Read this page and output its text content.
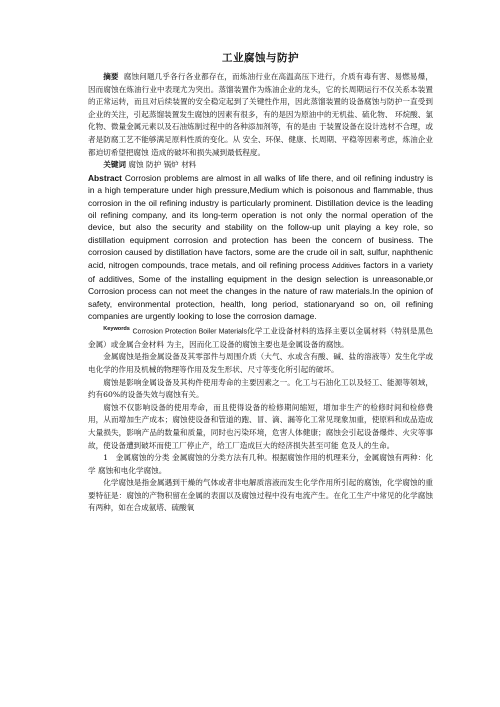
工业腐蚀与防护

摘要 腐蚀问题几乎各行各业都存在，而炼油行业在高温高压下进行，介质有毒有害、易燃易爆，因而腐蚀在炼油行业中表现尤为突出。蒸馏装置作为炼油企业的龙头，它的长周期运行不仅关系本装置的正常运转，而且对后续装置的安全稳定起到了关键性作用，因此蒸馏装置的设备腐蚀与防护一直受到企业的关注，引起蒸馏装置发生腐蚀的因素有很多，有的是因为原油中的无机盐、硫化物、 环烷酸、氯化物、微量金属元素以及石油炼制过程中的各种添加剂等，有的是由 于装置设备在设计选材不合理，或者是防腐工艺不能够满足原料性质的变化。从 安全、环保、健康、长周期、平稳等因素考虑，炼油企业都迫切希望把腐蚀 造成的破坏和损失减到最低程度。

关键词 腐蚀 防护 锅炉 材料

Abstract Corrosion problems are almost in all walks of life there, and oil refining industry is in a high temperature under high pressure,Medium which is poisonous and flammable, thus corrosion in the oil refining industry is particularly prominent. Distillation device is the leading oil refining company, and its long-term operation is not only the normal operation of the device, but also the security and stability on the follow-up unit playing a key role, so distillation equipment corrosion and protection has been the concern of business. The corrosion caused by distillation have factors, some are the crude oil in salt, sulfur, naphthenic acid, nitrogen compounds, trace metals, and oil refining process Additives factors in a variety of additives, Some of the installing equipment in the design selection is unreasonable,or Corrosion process can not meet the changes in the nature of raw materials.In the opinion of safety, environmental protection, health, long period, stationaryand so on, oil refining companies are urgently looking to lose the corrosion damage.

$^{Keywords}$ Corrosion Protection Boiler Materials化学工业设备材料的选择主要以金属材料（特别是黑色金属）或金属合金材料 为主，因而化工设备的腐蚀主要也是金属设备的腐蚀。

金属腐蚀是指金属设备及其零部件与周围介质（大气、水或含有酸、碱、盐的溶液等）发生化学或电化学的作用及机械的物理等作用及发生形状、尺寸等变化所引起的破坏。

腐蚀是影响金属设备及其构件使用寿命的主要因素之一。化工与石油化工以及轻工、能源等领域，约有60%的设备失效与腐蚀有关。

腐蚀不仅影响设备的使用寿命，而且使得设备的检修期间缩短，增加非生产的检修时间和检修费用，从而增加生产成本；腐蚀使设备和管道的跑、冒、滴、漏等化工常见现象加重，使原料和成品造成大量损失，影响产品的数量和质量，同时也污染环境，危害人体健康；腐蚀会引起设备爆炸、火灾等事故，使设备遭到破坏而使工厂停止产，给工厂造成巨大的经济损失甚至可能 危及人的生命。

1　金属腐蚀的分类 金属腐蚀的分类方法有几种。根据腐蚀作用的机理来分，金属腐蚀有两种：化学 腐蚀和电化学腐蚀。

化学腐蚀是指金属遇到干燥的气体或者非电解质溶液而发生化学作用所引起的腐蚀，化学腐蚀的重要特征是：腐蚀的产物积留在金属的表面以及腐蚀过程中没有电流产生。在化工生产中常见的化学腐蚀有两种，如在合成氨塔、硫酸氧
